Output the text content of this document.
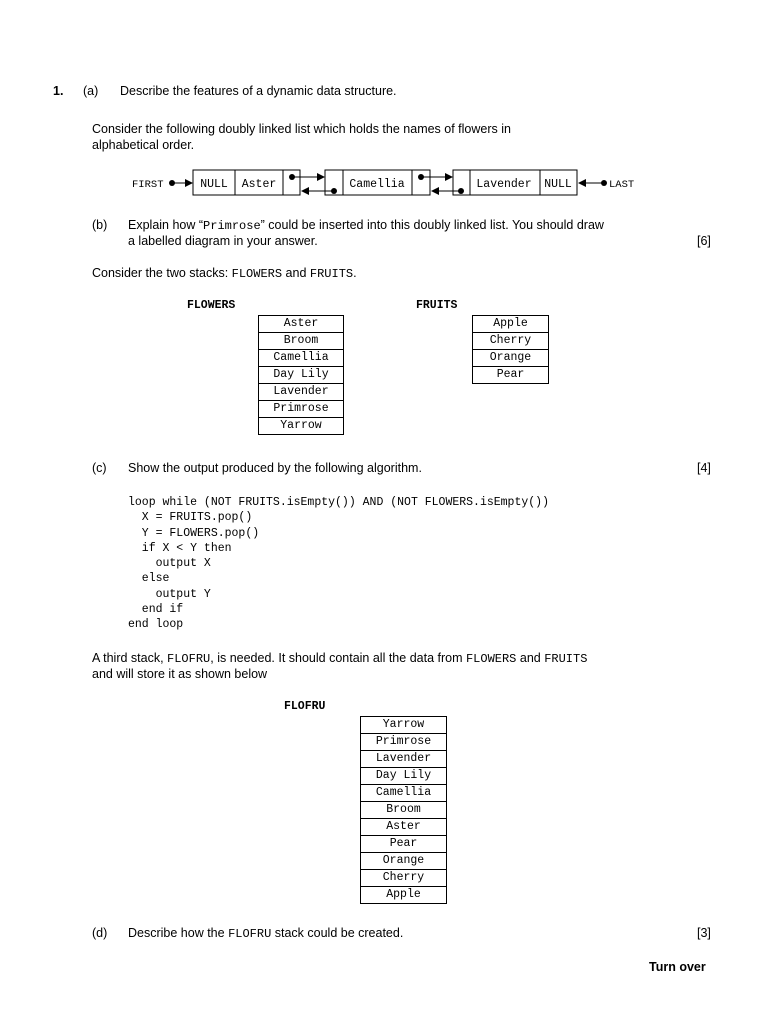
1. (a) Describe the features of a dynamic data structure.
Consider the following doubly linked list which holds the names of flowers in
alphabetical order.
FIRST	NULL Aster	Camellia	Lavender NULL	LAST
(b) Explain how “Primrose” could be inserted into this doubly linked list. You should draw
a labelled diagram in your answer.	[6]
Consider the two stacks: FLOWERS and FRUITS.
FLOWERS
Aster
Broom
Camellia
Day Lily
Lavender
Primrose
Yarrow
FRUITS
Apple
Cherry
Orange
Pear
(c) Show the output produced by the following algorithm.	[4]
loop while (NOT FRUITS.isEmpty()) AND (NOT FLOWERS.isEmpty())
X = FRUITS.pop()
Y = FLOWERS.pop()
if X < Y then
output X
else
output Y
end if
end loop
A third stack, FLOFRU, is needed. It should contain all the data from FLOWERS and FRUITS
and will store it as shown below
FLOFRU
Yarrow
Primrose
Lavender
Day Lily
Camellia
Broom
Aster
Pear
Orange
Cherry
Apple
(d) Describe how the FLOFRU stack could be created.	[3]
Turn over
